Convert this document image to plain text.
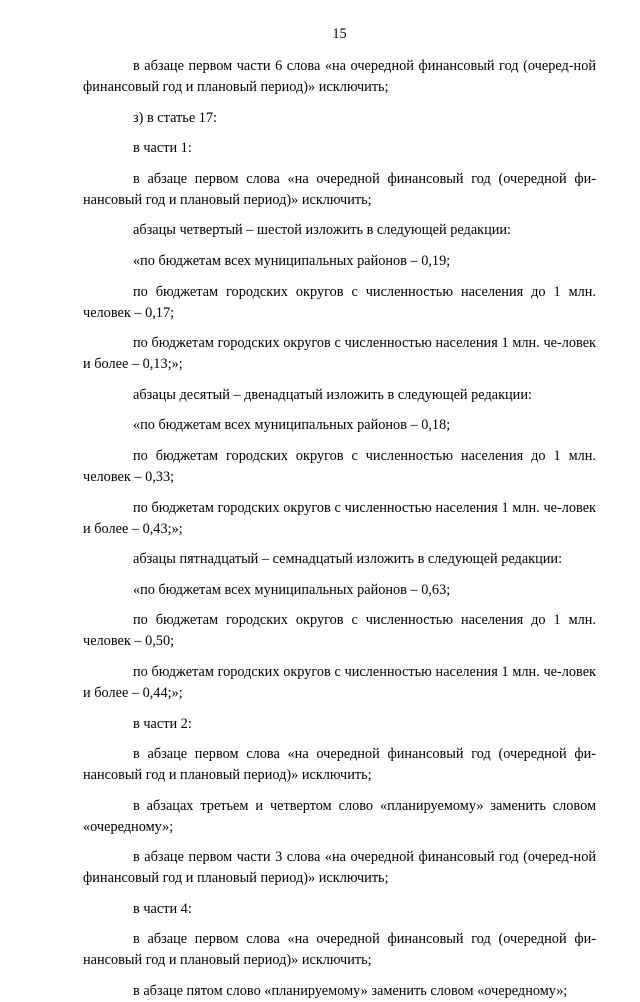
15

в абзаце первом части 6 слова «на очередной финансовый год (очеред-ной финансовый год и плановый период)» исключить;

з) в статье 17:

в части 1:

в абзаце первом слова «на очередной финансовый год (очередной фи-нансовый год и плановый период)» исключить;

абзацы четвертый – шестой изложить в следующей редакции:

«по бюджетам всех муниципальных районов – 0,19;

по бюджетам городских округов с численностью населения до 1 млн. человек – 0,17;

по бюджетам городских округов с численностью населения 1 млн. че-ловек и более – 0,13;»;

абзацы десятый – двенадцатый изложить в следующей редакции:

«по бюджетам всех муниципальных районов – 0,18;

по бюджетам городских округов с численностью населения до 1 млн. человек – 0,33;

по бюджетам городских округов с численностью населения 1 млн. че-ловек и более – 0,43;»;

абзацы пятнадцатый – семнадцатый изложить в следующей редакции:

«по бюджетам всех муниципальных районов – 0,63;

по бюджетам городских округов с численностью населения до 1 млн. человек – 0,50;

по бюджетам городских округов с численностью населения 1 млн. че-ловек и более – 0,44;»;

в части 2:

в абзаце первом слова «на очередной финансовый год (очередной фи-нансовый год и плановый период)» исключить;

в абзацах третьем и четвертом слово «планируемому» заменить словом «очередному»;

в абзаце первом части 3 слова «на очередной финансовый год (очеред-ной финансовый год и плановый период)» исключить;

в части 4:

в абзаце первом слова «на очередной финансовый год (очередной фи-нансовый год и плановый период)» исключить;

в абзаце пятом слово «планируемому» заменить словом «очередному»;
